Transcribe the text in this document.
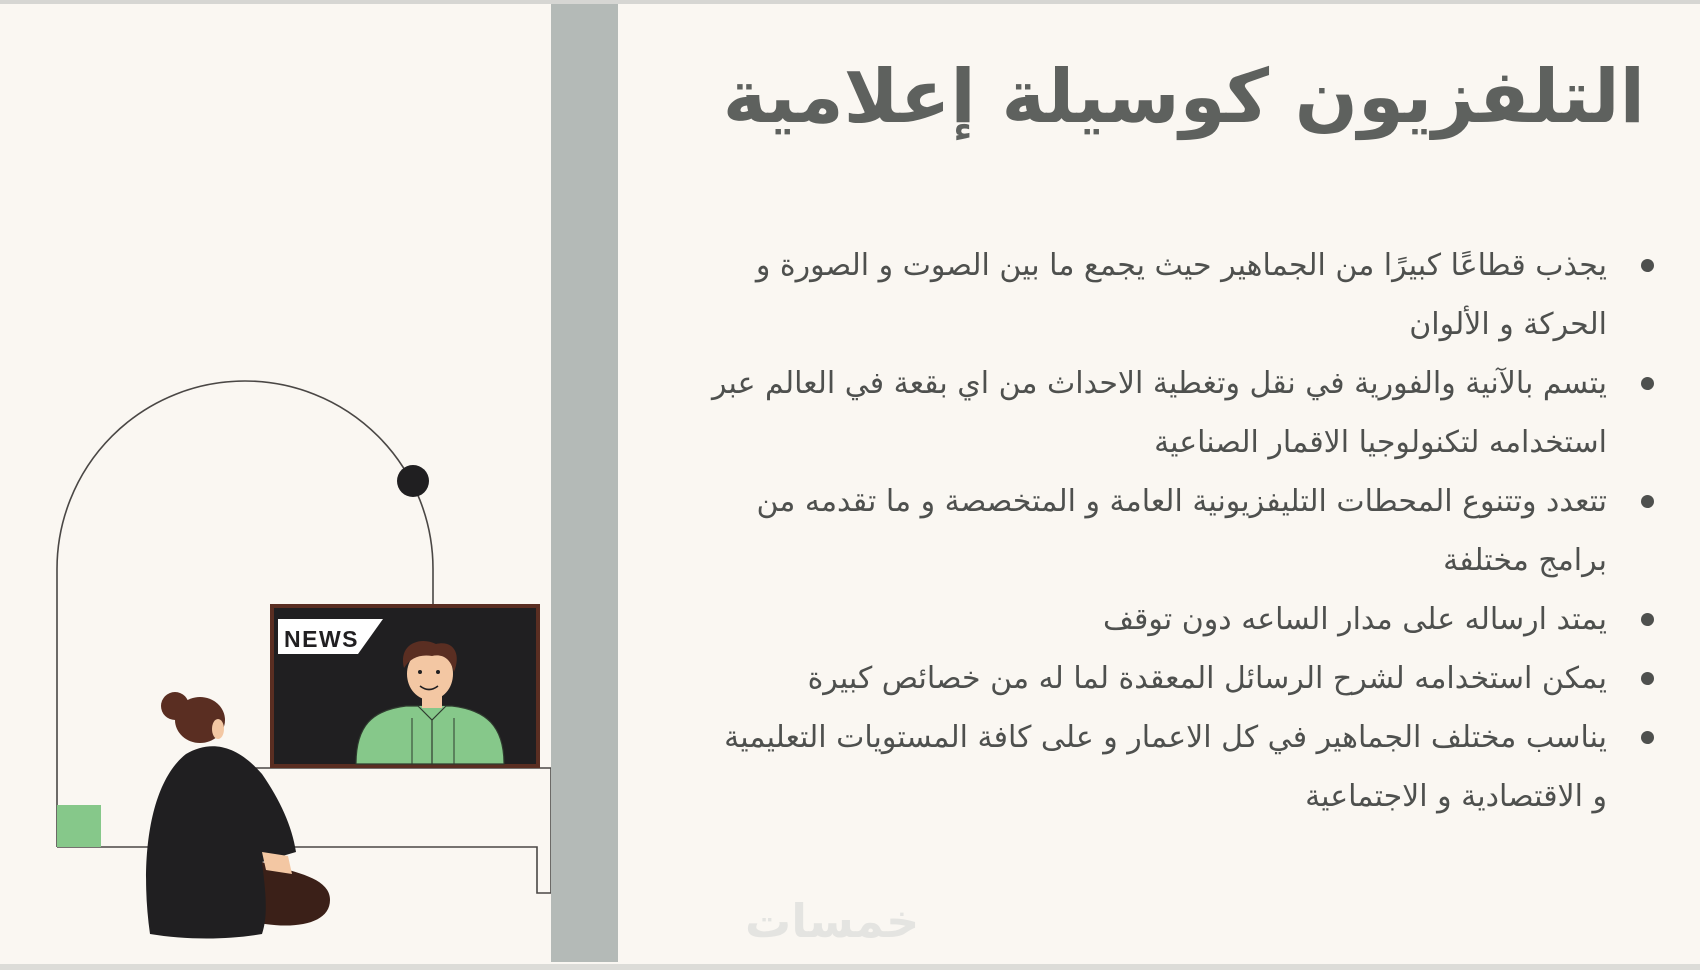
NEWS
التلفزيون كوسيلة إعلامية
يجذب قطاعًا كبيرًا من الجماهير حيث يجمع ما بين الصوت و الصورة و الحركة و الألوان
يتسم بالآنية والفورية في نقل وتغطية الاحداث من اي بقعة في العالم عبر استخدامه لتكنولوجيا الاقمار الصناعية
تتعدد وتتنوع المحطات التليفزيونية العامة و المتخصصة و ما تقدمه من برامج مختلفة
يمتد ارساله على مدار الساعه دون توقف
يمكن استخدامه لشرح الرسائل المعقدة لما له من خصائص كبيرة
يناسب مختلف الجماهير في كل الاعمار و على كافة المستويات التعليمية و الاقتصادية و الاجتماعية
خمسات
